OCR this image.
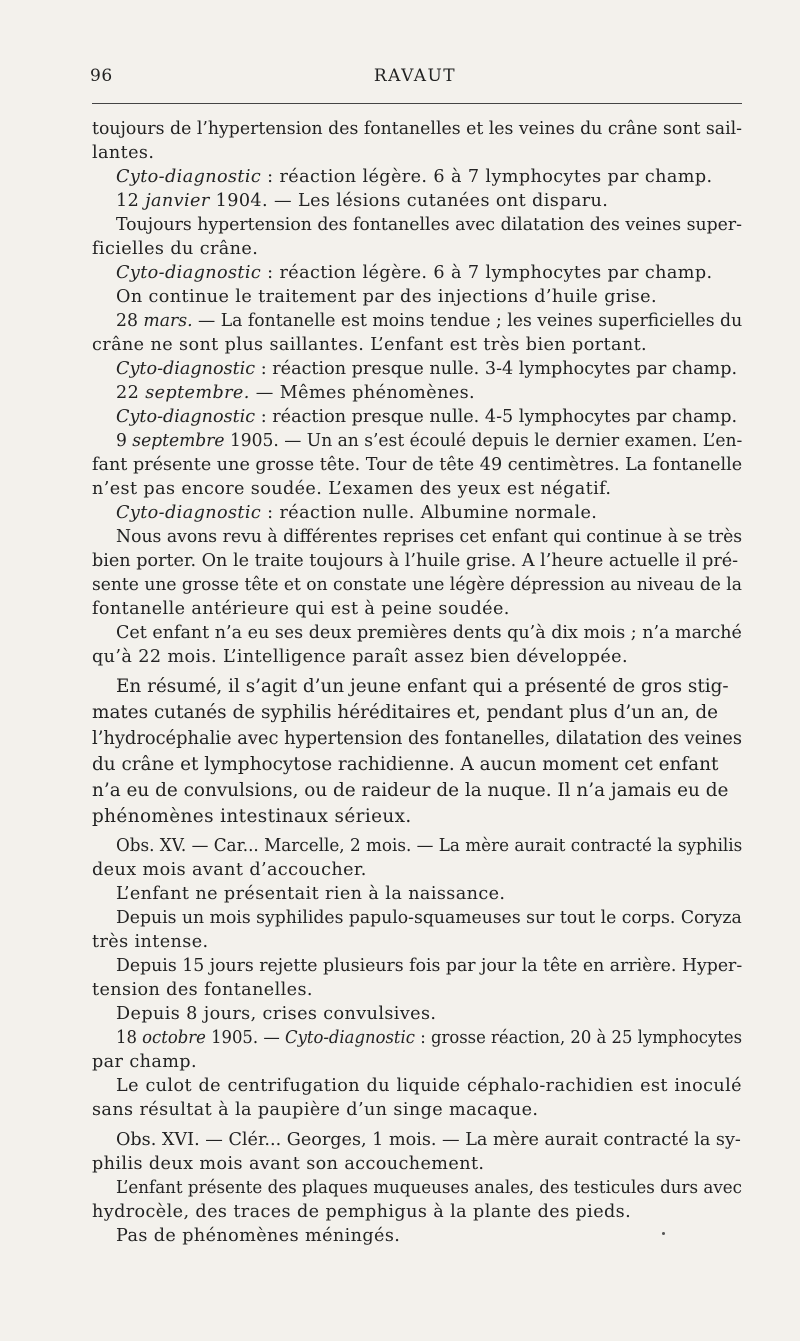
96	RAVAUT
toujours de l’hypertension des fontanelles et les veines du crâne sont sail-
lantes.
Cyto-diagnostic : réaction légère. 6 à 7 lymphocytes par champ.
12 janvier 1904. — Les lésions cutanées ont disparu.
Toujours hypertension des fontanelles avec dilatation des veines super-
ficielles du crâne.
Cyto-diagnostic : réaction légère. 6 à 7 lymphocytes par champ.
On continue le traitement par des injections d’huile grise.
28 mars. — La fontanelle est moins tendue ; les veines superficielles du
crâne ne sont plus saillantes. L’enfant est très bien portant.
Cyto-diagnostic : réaction presque nulle. 3-4 lymphocytes par champ.
22 septembre. — Mêmes phénomènes.
Cyto-diagnostic : réaction presque nulle. 4-5 lymphocytes par champ.
9 septembre 1905. — Un an s’est écoulé depuis le dernier examen. L’en-
fant présente une grosse tête. Tour de tête 49 centimètres. La fontanelle
n’est pas encore soudée. L’examen des yeux est négatif.
Cyto-diagnostic : réaction nulle. Albumine normale.
Nous avons revu à différentes reprises cet enfant qui continue à se très
bien porter. On le traite toujours à l’huile grise. A l’heure actuelle il pré-
sente une grosse tête et on constate une légère dépression au niveau de la
fontanelle antérieure qui est à peine soudée.
Cet enfant n’a eu ses deux premières dents qu’à dix mois ; n’a marché
qu’à 22 mois. L’intelligence paraît assez bien développée.
En résumé, il s’agit d’un jeune enfant qui a présenté de gros stig-
mates cutanés de syphilis héréditaires et, pendant plus d’un an, de
l’hydrocéphalie avec hypertension des fontanelles, dilatation des veines
du crâne et lymphocytose rachidienne. A aucun moment cet enfant
n’a eu de convulsions, ou de raideur de la nuque. Il n’a jamais eu de
phénomènes intestinaux sérieux.
Obs. XV. — Car... Marcelle, 2 mois. — La mère aurait contracté la syphilis
deux mois avant d’accoucher.
L’enfant ne présentait rien à la naissance.
Depuis un mois syphilides papulo-squameuses sur tout le corps. Coryza
très intense.
Depuis 15 jours rejette plusieurs fois par jour la tête en arrière. Hyper-
tension des fontanelles.
Depuis 8 jours, crises convulsives.
18 octobre 1905. — Cyto-diagnostic : grosse réaction, 20 à 25 lymphocytes
par champ.
Le culot de centrifugation du liquide céphalo-rachidien est inoculé
sans résultat à la paupière d’un singe macaque.
Obs. XVI. — Clér... Georges, 1 mois. — La mère aurait contracté la sy-
philis deux mois avant son accouchement.
L’enfant présente des plaques muqueuses anales, des testicules durs avec
hydrocèle, des traces de pemphigus à la plante des pieds.
Pas de phénomènes méningés.
